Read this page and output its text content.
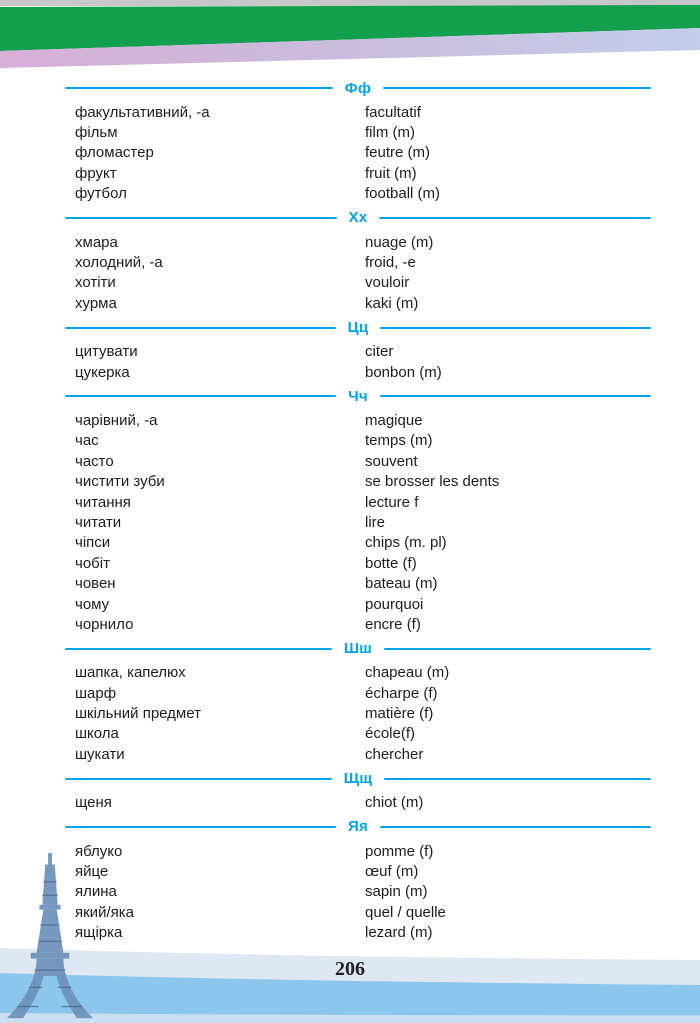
Фф
факультативний, -а	facultatif
фільм	film (m)
фломастер	feutre (m)
фрукт	fruit (m)
футбол	football (m)
Хх
хмара	nuage (m)
холодний, -а	froid, -e
хотіти	vouloir
хурма	kaki (m)
Цц
цитувати	citer
цукерка	bonbon (m)
Чч
чарівний, -а	magique
час	temps (m)
часто	souvent
чистити зуби	se brosser les dents
читання	lecture f
читати	lire
чіпси	chips (m. pl)
чобіт	botte (f)
човен	bateau (m)
чому	pourquoi
чорнило	encre (f)
Шш
шапка, капелюх	chapeau (m)
шарф	écharpe (f)
шкільний предмет	matière (f)
школа	école(f)
шукати	chercher
Щщ
щеня	chiot (m)
Яя
яблуко	pomme (f)
яйце	œuf (m)
ялина	sapin (m)
який/яка	quel / quelle
ящірка	lezard (m)
206
